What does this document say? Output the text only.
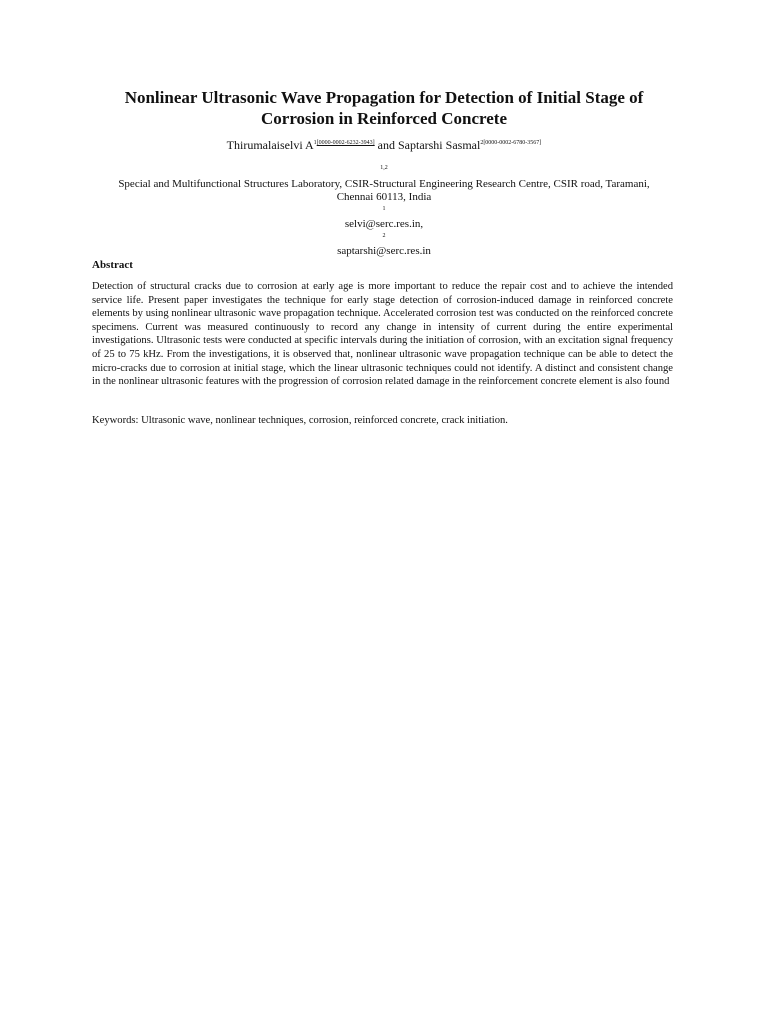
Nonlinear Ultrasonic Wave Propagation for Detection of Initial Stage of
Corrosion in Reinforced Concrete
Thirumalaiselvi $A^{1[0000-0002-6232-3943]}$ and Saptarshi Sasmal$^{2[0000-0002-6780-3567]}$
$^{1,2}$
Special and Multifunctional Structures Laboratory, CSIR-Structural Engineering Research Centre, CSIR road, Taramani,
Chennai 60113, India
$^1$
selvi@serc.res.in,
$^2$
saptarshi@serc.res.in
Abstract

Detection of structural cracks due to corrosion at early age is more important to reduce the repair cost and to achieve the intended service life. Present paper investigates the technique for early stage detection of corrosion-induced damage in reinforced concrete elements by using nonlinear ultrasonic wave propagation technique. Accelerated corrosion test was conducted on the reinforced concrete specimens. Current was measured continuously to record any change in intensity of current during the entire experimental investigations. Ultrasonic tests were conducted at specific intervals during the initiation of corrosion, with an excitation signal frequency of 25 to 75 kHz. From the investigations, it is observed that, nonlinear ultrasonic wave propagation technique can be able to detect the micro-cracks due to corrosion at initial stage, which the linear ultrasonic techniques could not identify. A distinct and consistent change in the nonlinear ultrasonic features with the progression of corrosion related damage in the reinforcement concrete element is also found

Keywords: Ultrasonic wave, nonlinear techniques, corrosion, reinforced concrete, crack initiation.
